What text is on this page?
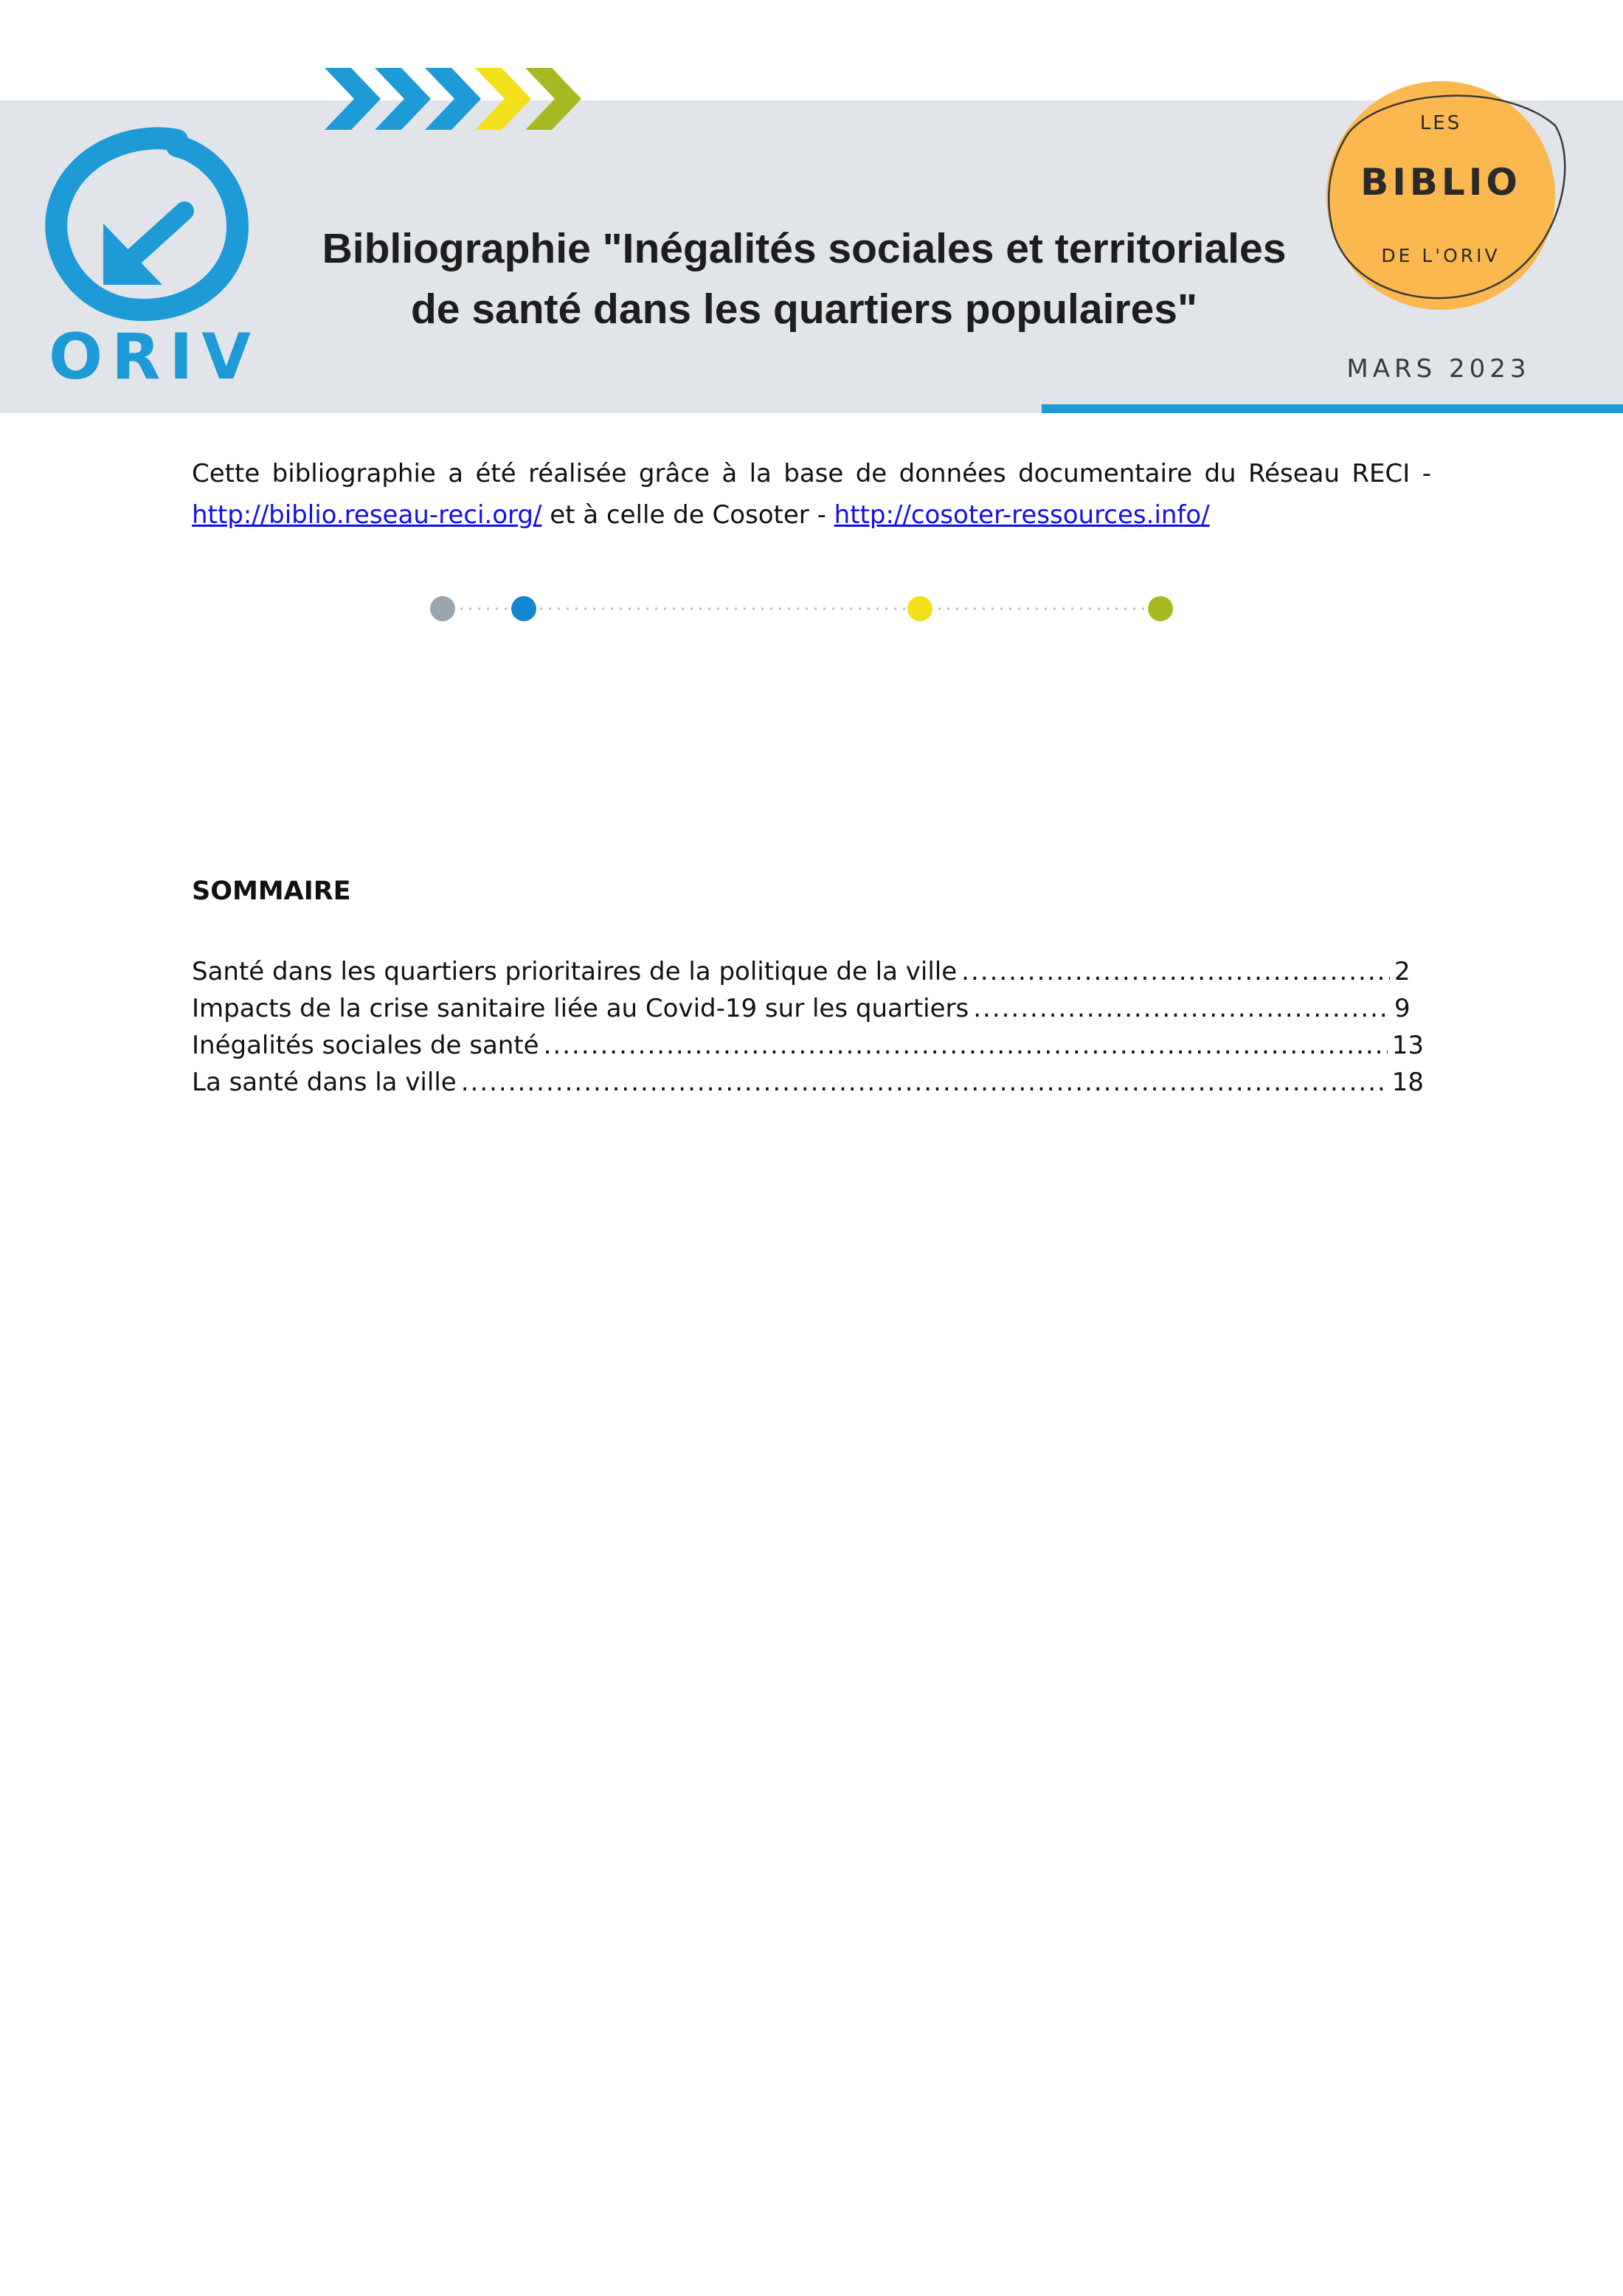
ORIV
Bibliographie "Inégalités sociales et territoriales
de santé dans les quartiers populaires"
LES
BIBLIO
DE L'ORIV
MARS 2023
Cette bibliographie a été réalisée grâce à la base de données documentaire du Réseau RECI -
http://biblio.reseau-reci.org/ et à celle de Cosoter - http://cosoter-ressources.info/
SOMMAIRE
Santé dans les quartiers prioritaires de la politique de la ville .....	2
Impacts de la crise sanitaire liée au Covid-19 sur les quartiers .....	9
Inégalités sociales de santé .....	13
La santé dans la ville .....	18
